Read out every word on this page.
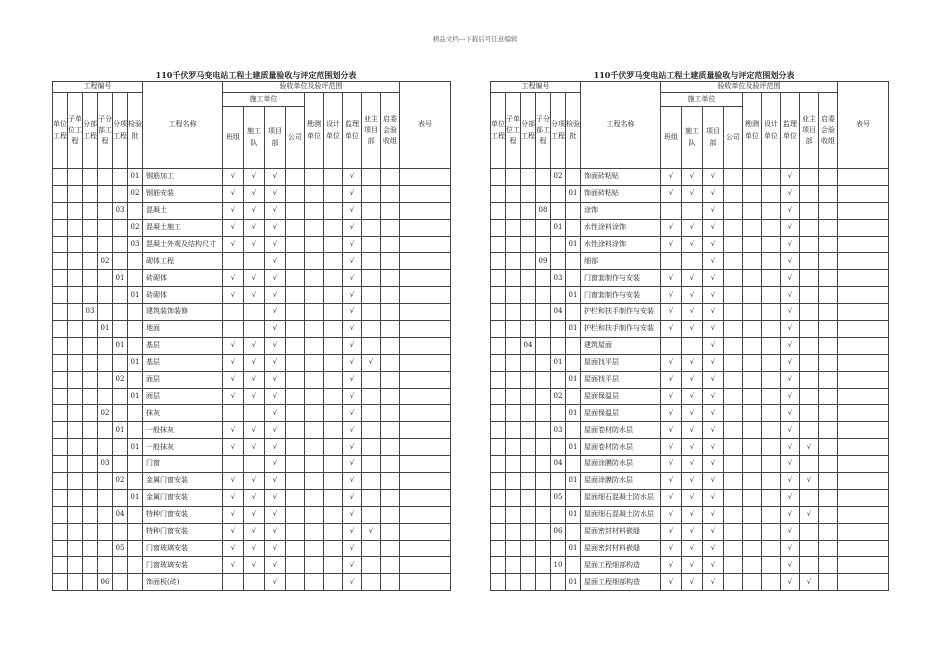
精品文档---下载后可任意编辑
110千伏罗马变电站工程土建质量验收与评定范围划分表	110千伏罗马变电站工程土建质量验收与评定范围划分表
工程编号						工程名称	验收单位及验评范围									表号
单位工程	子单位工程	分部工程	子分部工程	分项工程	检验批		施工单位				勘测单位	设计单位	监理单位	业主项目部	启委会验收组	
							班组	施工队	项目部	公司						
					01	钢筋加工	√	√	√				√			
					02	钢筋安装	√	√	√				√			
				03		混凝土	√	√	√				√			
					02	混凝土施工	√	√	√				√			
					03	混凝土外观及结构尺寸	√	√	√				√			
			02			砌体工程			√				√			
				01		砖砌体	√	√	√				√			
					01	砖砌体	√	√	√				√			
		03				建筑装饰装修			√				√			
			01			地面			√				√			
				01		基层	√	√	√				√			
					01	基层	√	√	√				√	√		
				02		面层	√	√	√				√			
					01	面层	√	√	√				√			
			02			抹灰			√				√			
				01		一般抹灰	√	√	√				√			
					01	一般抹灰	√	√	√				√			
			03			门窗			√				√			
				02		金属门窗安装	√	√	√				√			
					01	金属门窗安装	√	√	√				√			
				04		特种门窗安装	√	√	√				√			
						特种门窗安装	√	√	√				√	√		
				05		门窗玻璃安装	√	√	√				√			
						门窗玻璃安装	√	√	√				√			
			06			饰面板(砖)			√				√			
工程编号						工程名称	验收单位及验评范围									表号
单位工程	子单位工程	分部工程	子分部工程	分项工程	检验批		施工单位				勘测单位	设计单位	监理单位	业主项目部	启委会验收组	
							班组	施工队	项目部	公司						
				02		饰面砖粘贴	√	√	√				√			
					01	饰面砖粘贴	√	√	√				√			
			08			涂饰			√				√			
				01		水性涂料涂饰	√	√	√				√			
					01	水性涂料涂饰	√	√	√				√			
			09			细部			√				√			
				03		门窗套制作与安装	√	√	√				√			
					01	门窗套制作与安装	√	√	√				√			
				04		护栏和扶手制作与安装	√	√	√				√			
					01	护栏和扶手制作与安装	√	√	√				√			
		04				建筑屋面			√				√			
				01		屋面找平层	√	√	√				√			
					01	屋面找平层	√	√	√				√			
				02		屋面保温层	√	√	√				√			
					01	屋面保温层	√	√	√				√			
				03		屋面卷材防水层	√	√	√				√			
					01	屋面卷材防水层	√	√	√				√	√		
				04		屋面涂膜防水层	√	√	√				√			
					01	屋面涂膜防水层	√	√	√				√	√		
				05		屋面细石混凝土防水层	√	√	√				√			
					01	屋面细石混凝土防水层	√	√	√				√	√		
				06		屋面密封材料嵌缝	√	√	√				√			
					01	屋面密封材料嵌缝	√	√	√				√			
				10		屋面工程细部构造	√	√	√				√			
					01	屋面工程细部构造	√	√	√				√	√		
